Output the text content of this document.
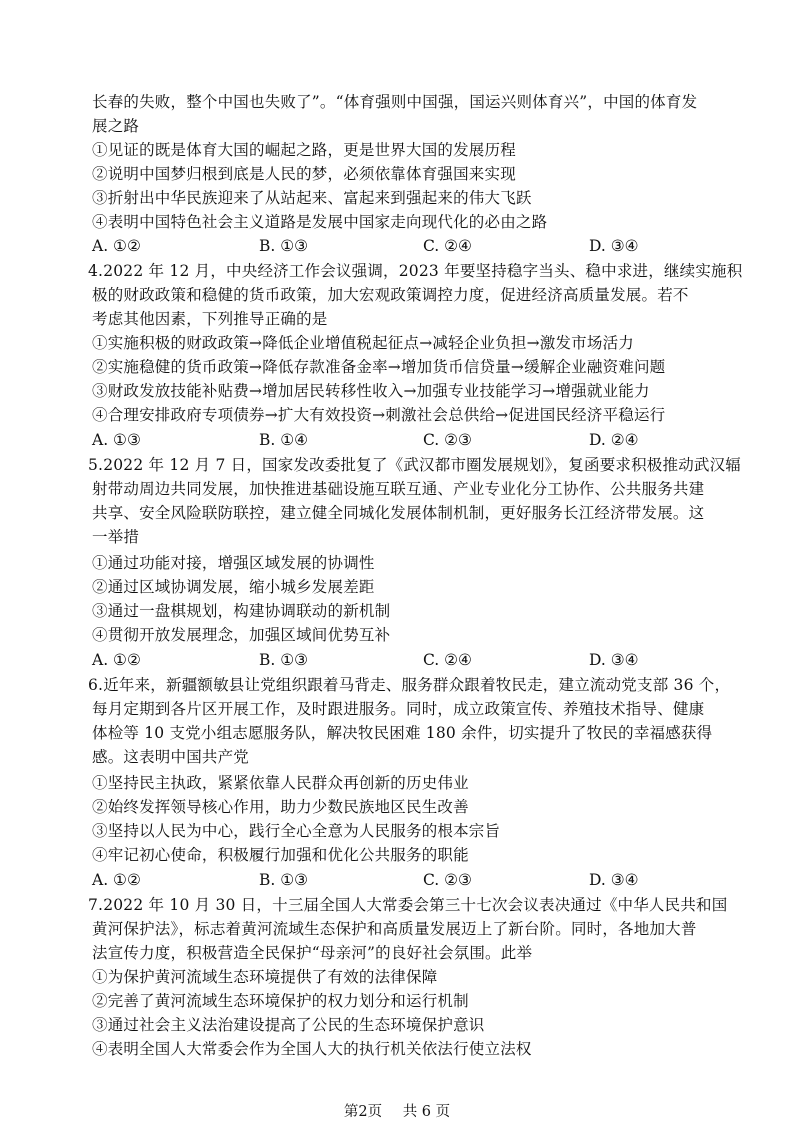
长春的失败，整个中国也失败了”。“体育强则中国强，国运兴则体育兴”，中国的体育发
展之路
①见证的既是体育大国的崛起之路，更是世界大国的发展历程
②说明中国梦归根到底是人民的梦，必须依靠体育强国来实现
③折射出中华民族迎来了从站起来、富起来到强起来的伟大飞跃
④表明中国特色社会主义道路是发展中国家走向现代化的必由之路
A. ①②	B. ①③	C. ②④	D. ③④
4.2022 年 12 月，中央经济工作会议强调，2023 年要坚持稳字当头、稳中求进，继续实施积
极的财政政策和稳健的货币政策，加大宏观政策调控力度，促进经济高质量发展。若不
考虑其他因素，下列推导正确的是
①实施积极的财政政策→降低企业增值税起征点→减轻企业负担→激发市场活力
②实施稳健的货币政策→降低存款准备金率→增加货币信贷量→缓解企业融资难问题
③财政发放技能补贴费→增加居民转移性收入→加强专业技能学习→增强就业能力
④合理安排政府专项债券→扩大有效投资→刺激社会总供给→促进国民经济平稳运行
A. ①③	B. ①④	C. ②③	D. ②④
5.2022 年 12 月 7 日，国家发改委批复了《武汉都市圈发展规划》，复函要求积极推动武汉辐
射带动周边共同发展，加快推进基础设施互联互通、产业专业化分工协作、公共服务共建
共享、安全风险联防联控，建立健全同城化发展体制机制，更好服务长江经济带发展。这
一举措
①通过功能对接，增强区域发展的协调性
②通过区域协调发展，缩小城乡发展差距
③通过一盘棋规划，构建协调联动的新机制
④贯彻开放发展理念，加强区域间优势互补
A. ①②	B. ①③	C. ②④	D. ③④
6.近年来，新疆额敏县让党组织跟着马背走、服务群众跟着牧民走，建立流动党支部 36 个，
每月定期到各片区开展工作，及时跟进服务。同时，成立政策宣传、养殖技术指导、健康
体检等 10 支党小组志愿服务队，解决牧民困难 180 余件，切实提升了牧民的幸福感获得
感。这表明中国共产党
①坚持民主执政，紧紧依靠人民群众再创新的历史伟业
②始终发挥领导核心作用，助力少数民族地区民生改善
③坚持以人民为中心，践行全心全意为人民服务的根本宗旨
④牢记初心使命，积极履行加强和优化公共服务的职能
A. ①②	B. ①③	C. ②③	D. ③④
7.2022 年 10 月 30 日，十三届全国人大常委会第三十七次会议表决通过《中华人民共和国
黄河保护法》，标志着黄河流域生态保护和高质量发展迈上了新台阶。同时，各地加大普
法宣传力度，积极营造全民保护“母亲河”的良好社会氛围。此举
①为保护黄河流域生态环境提供了有效的法律保障
②完善了黄河流域生态环境保护的权力划分和运行机制
③通过社会主义法治建设提高了公民的生态环境保护意识
④表明全国人大常委会作为全国人大的执行机关依法行使立法权
第2页 共 6 页
